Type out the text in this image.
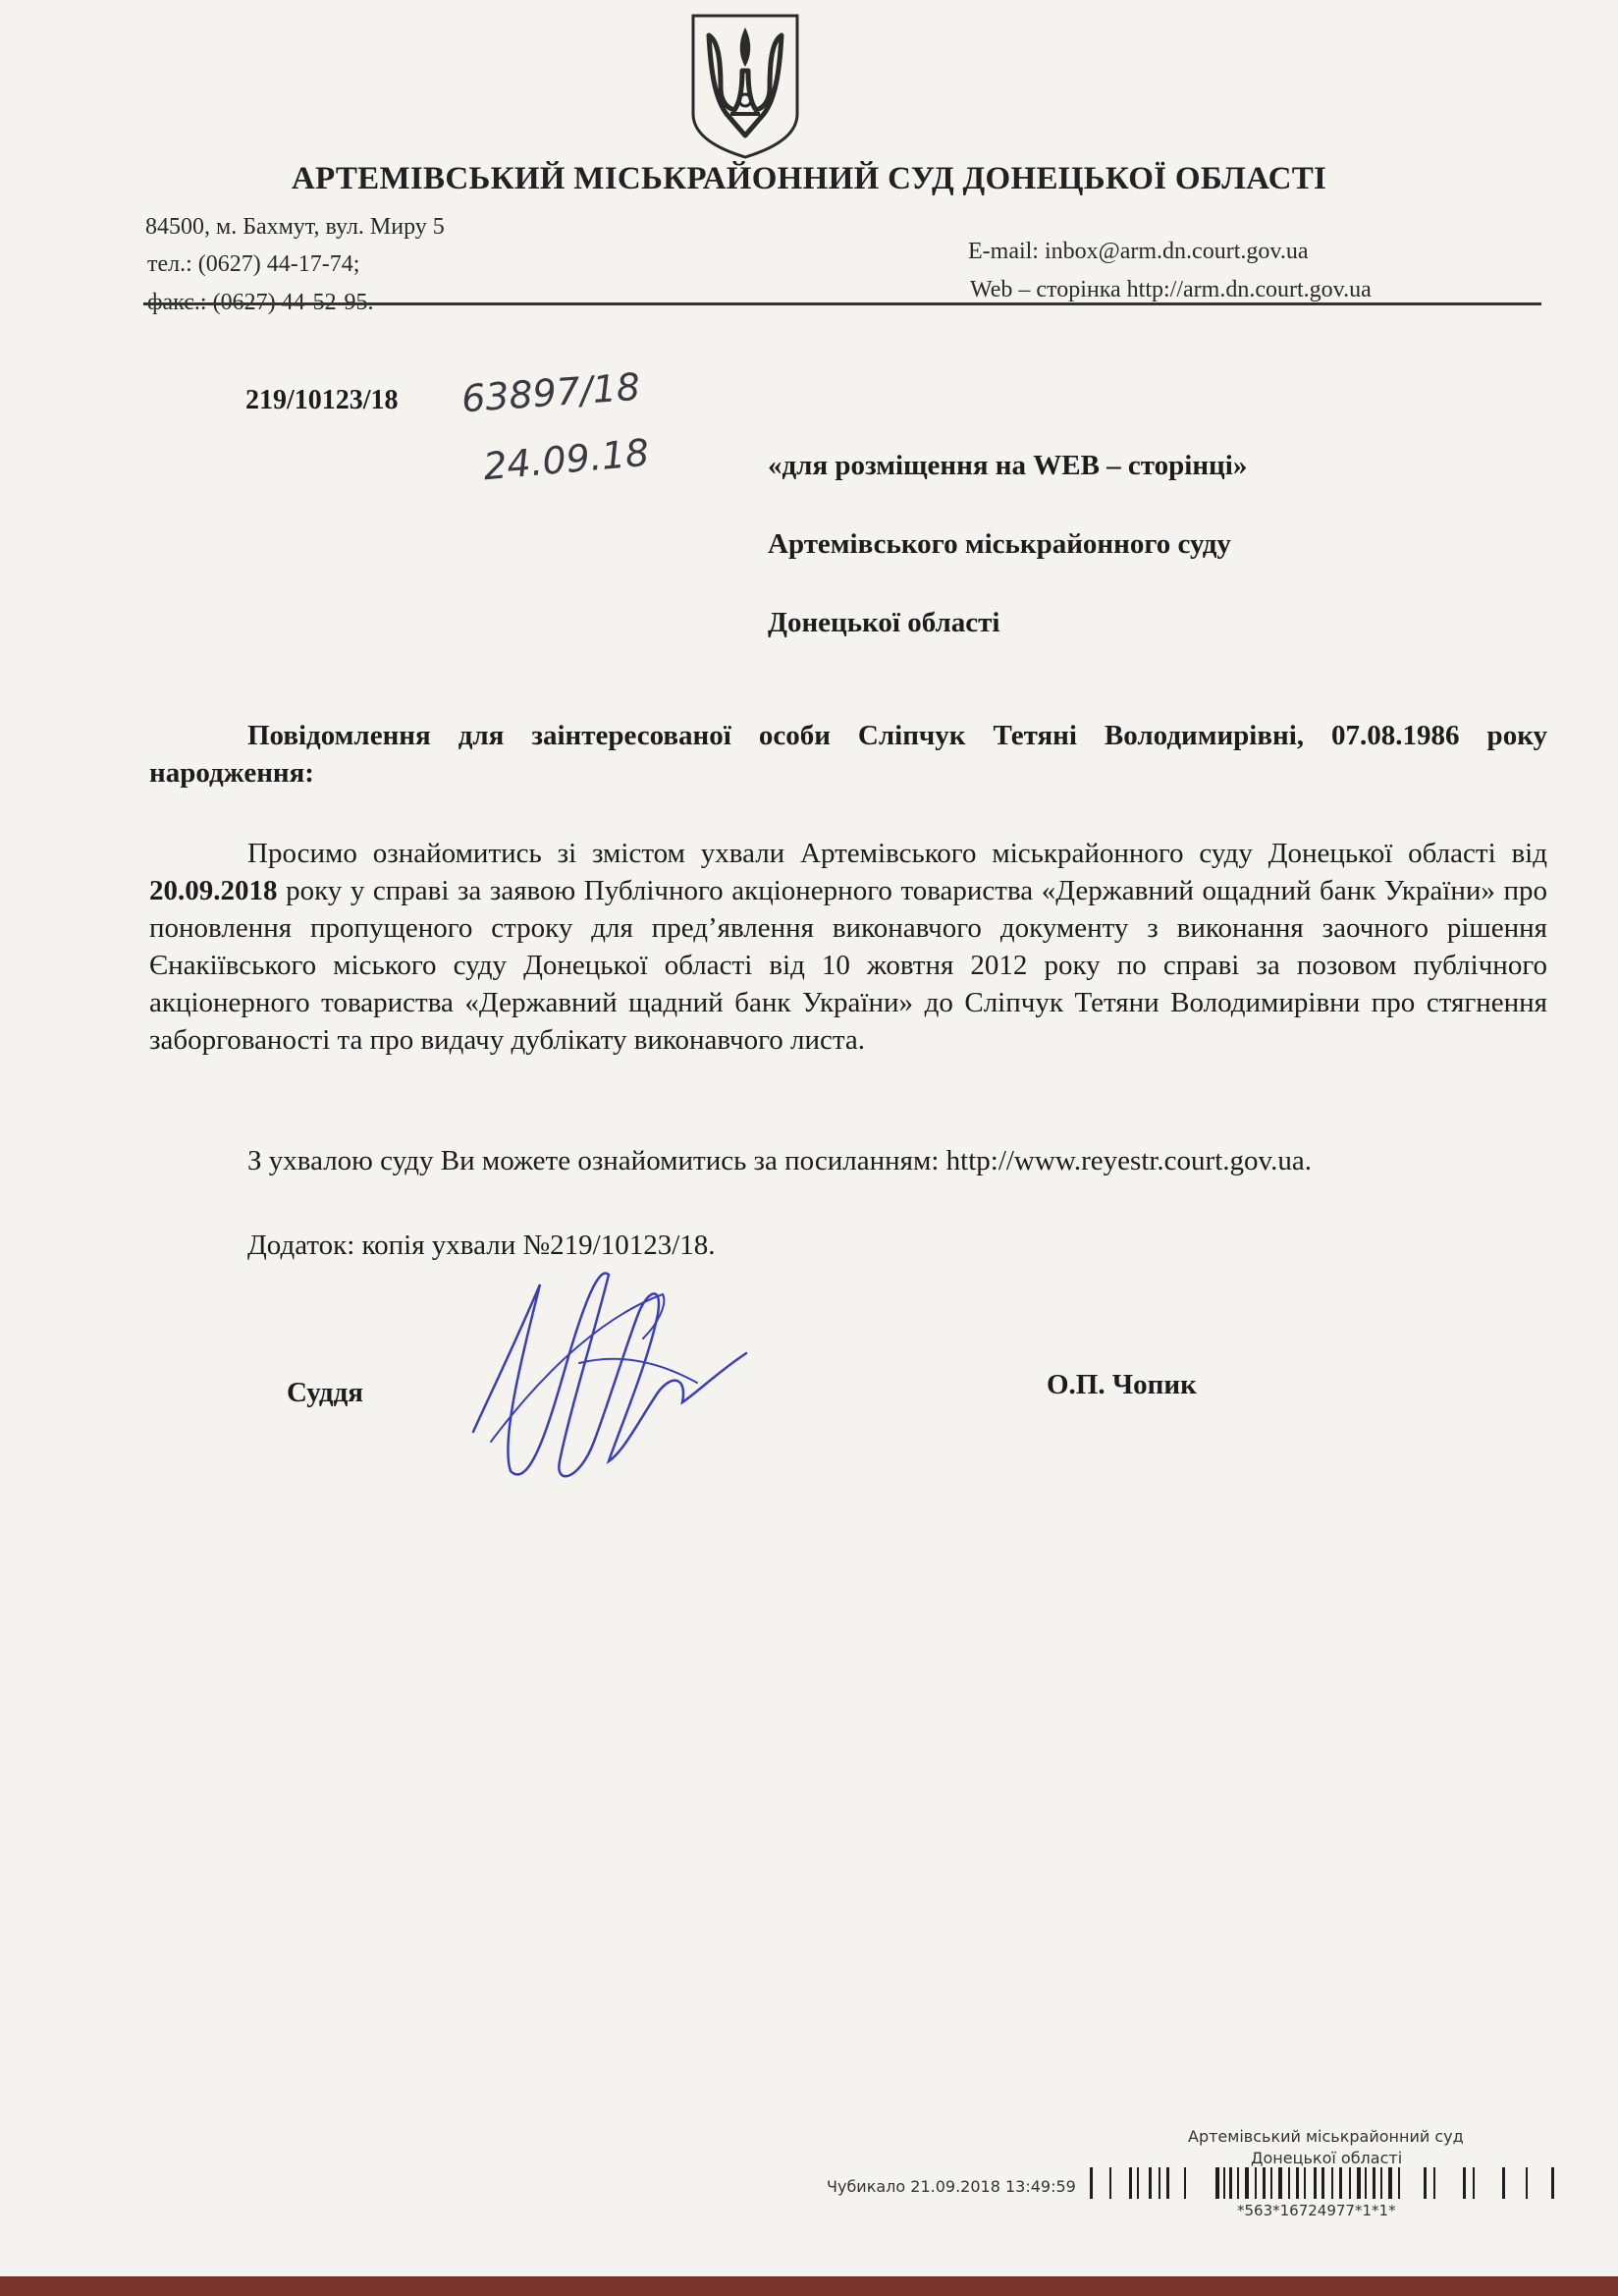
АРТЕМІВСЬКИЙ МІСЬКРАЙОННИЙ СУД ДОНЕЦЬКОЇ ОБЛАСТІ
84500, м. Бахмут, вул. Миру 5
тел.: (0627) 44-17-74;
факс.: (0627) 44-52-95.
E-mail: inbox@arm.dn.court.gov.ua
Web – сторінка http://arm.dn.court.gov.ua
219/10123/18 63897/18
24.09.18	«для розміщення на WEB – сторінці»
Артемівського міськрайонного суду
Донецької області
Повідомлення для заінтересованої особи Сліпчук Тетяні Володимирівні, 07.08.1986 року народження:
Просимо ознайомитись зі змістом ухвали Артемівського міськрайонного суду Донецької області від 20.09.2018 року у справі за заявою Публічного акціонерного товариства «Державний ощадний банк України» про поновлення пропущеного строку для пред’явлення виконавчого документу з виконання заочного рішення Єнакіївського міського суду Донецької області від 10 жовтня 2012 року по справі за позовом публічного акціонерного товариства «Державний щадний банк України» до Сліпчук Тетяни Володимирівни про стягнення заборгованості та про видачу дублікату виконавчого листа.
З ухвалою суду Ви можете ознайомитись за посиланням: http://www.reyestr.court.gov.ua.
Додаток: копія ухвали №219/10123/18.
Суддя	О.П. Чопик
Артемівський міськрайонний суд
Донецької області
Чубикало 21.09.2018 13:49:59
*563*16724977*1*1*
